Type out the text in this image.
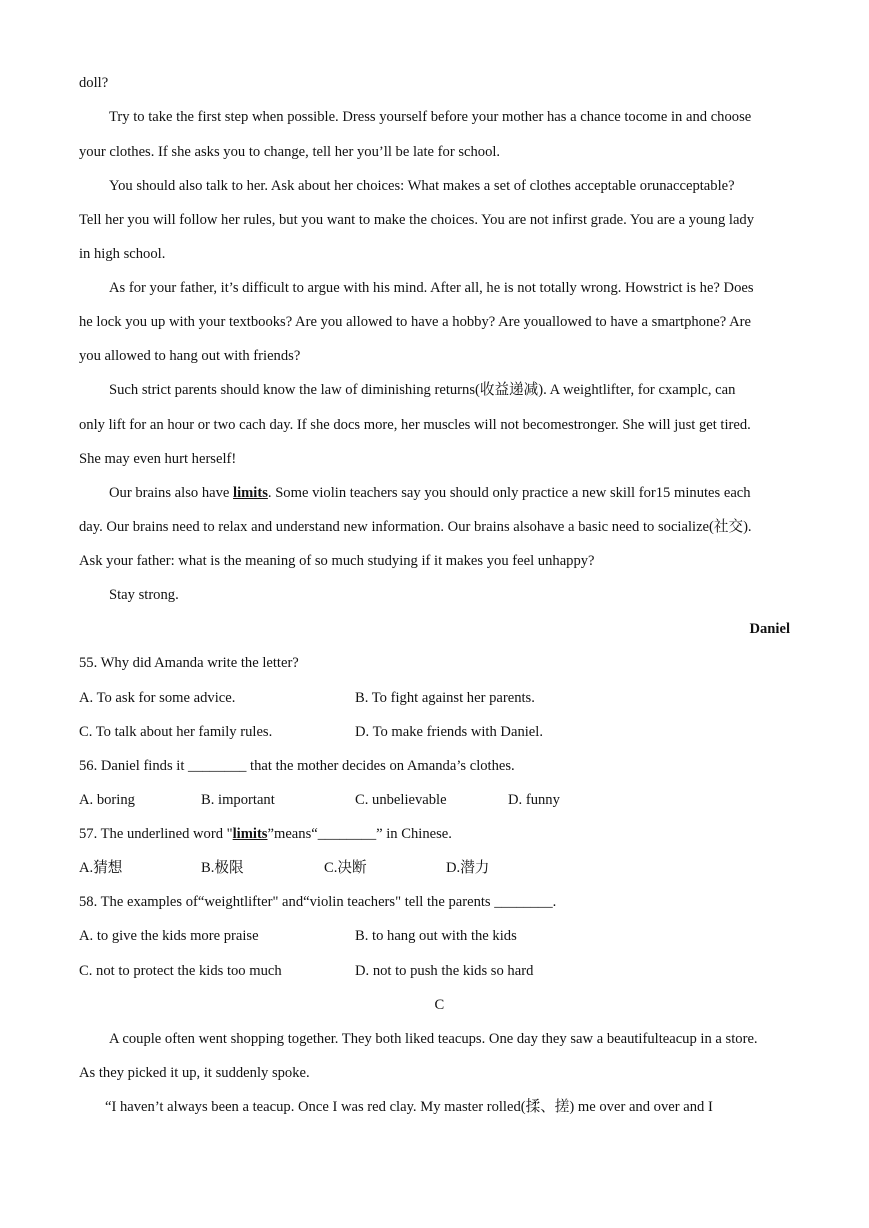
doll?
Try to take the first step when possible. Dress yourself before your mother has a chance tocome in and choose
your clothes. If she asks you to change, tell her you’ll be late for school.
You should also talk to her. Ask about her choices: What makes a set of clothes acceptable orunacceptable?
Tell her you will follow her rules, but you want to make the choices. You are not infirst grade. You are a young lady
in high school.
As for your father, it’s difficult to argue with his mind. After all, he is not totally wrong. Howstrict is he? Does
he lock you up with your textbooks? Are you allowed to have a hobby? Are youallowed to have a smartphone? Are
you allowed to hang out with friends?
Such strict parents should know the law of diminishing returns(收益递减). A weightlifter, for cxamplc, can
only lift for an hour or two cach day. If she docs more, her muscles will not becomestronger. She will just get tired.
She may even hurt herself!
Our brains also have limits. Some violin teachers say you should only practice a new skill for15 minutes each
day. Our brains need to relax and understand new information. Our brains alsohave a basic need to socialize(社交).
Ask your father: what is the meaning of so much studying if it makes you feel unhappy?
Stay strong.
Daniel
55. Why did Amanda write the letter?
A. To ask for some advice.	B. To fight against her parents.
C. To talk about her family rules.	D. To make friends with Daniel.
56. Daniel finds it ________ that the mother decides on Amanda’s clothes.
A. boring	B. important	C. unbelievable	D. funny
57. The underlined word "limits”means“________” in Chinese.
A.猜想	B.极限	C.决断	D.潜力
58. The examples of“weightlifter" and“violin teachers" tell the parents ________.
A. to give the kids more praise	B. to hang out with the kids
C. not to protect the kids too much	D. not to push the kids so hard
A couple often went shopping together. They both liked teacups. One day they saw a beautifulteacup in a store.
As they picked it up, it suddenly spoke.
“I haven’t always been a teacup. Once I was red clay. My master rolled(揉、搓) me over and over and I
